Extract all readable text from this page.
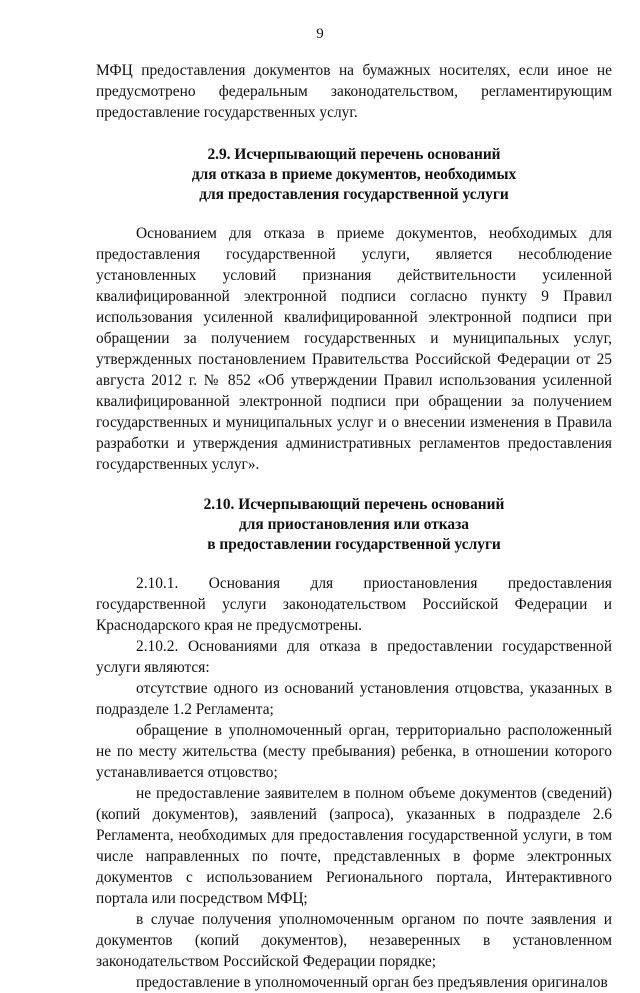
9

МФЦ предоставления документов на бумажных носителях, если иное не предусмотрено федеральным законодательством, регламентирующим предоставление государственных услуг.

2.9. Исчерпывающий перечень оснований
для отказа в приеме документов, необходимых
для предоставления государственной услуги

Основанием для отказа в приеме документов, необходимых для предоставления государственной услуги, является несоблюдение установленных условий признания действительности усиленной квалифицированной электронной подписи согласно пункту 9 Правил использования усиленной квалифицированной электронной подписи при обращении за получением государственных и муниципальных услуг, утвержденных постановлением Правительства Российской Федерации от 25 августа 2012 г. № 852 «Об утверждении Правил использования усиленной квалифицированной электронной подписи при обращении за получением государственных и муниципальных услуг и о внесении изменения в Правила разработки и утверждения административных регламентов предоставления государственных услуг».

2.10. Исчерпывающий перечень оснований
для приостановления или отказа
в предоставлении государственной услуги

2.10.1. Основания для приостановления предоставления государственной услуги законодательством Российской Федерации и Краснодарского края не предусмотрены.

2.10.2. Основаниями для отказа в предоставлении государственной услуги являются:

отсутствие одного из оснований установления отцовства, указанных в подразделе 1.2 Регламента;

обращение в уполномоченный орган, территориально расположенный не по месту жительства (месту пребывания) ребенка, в отношении которого устанавливается отцовство;

не предоставление заявителем в полном объеме документов (сведений) (копий документов), заявлений (запроса), указанных в подразделе 2.6 Регламента, необходимых для предоставления государственной услуги, в том числе направленных по почте, представленных в форме электронных документов с использованием Регионального портала, Интерактивного портала или посредством МФЦ;

в случае получения уполномоченным органом по почте заявления и документов (копий документов), незаверенных в установленном законодательством Российской Федерации порядке;

предоставление в уполномоченный орган без предъявления оригиналов
